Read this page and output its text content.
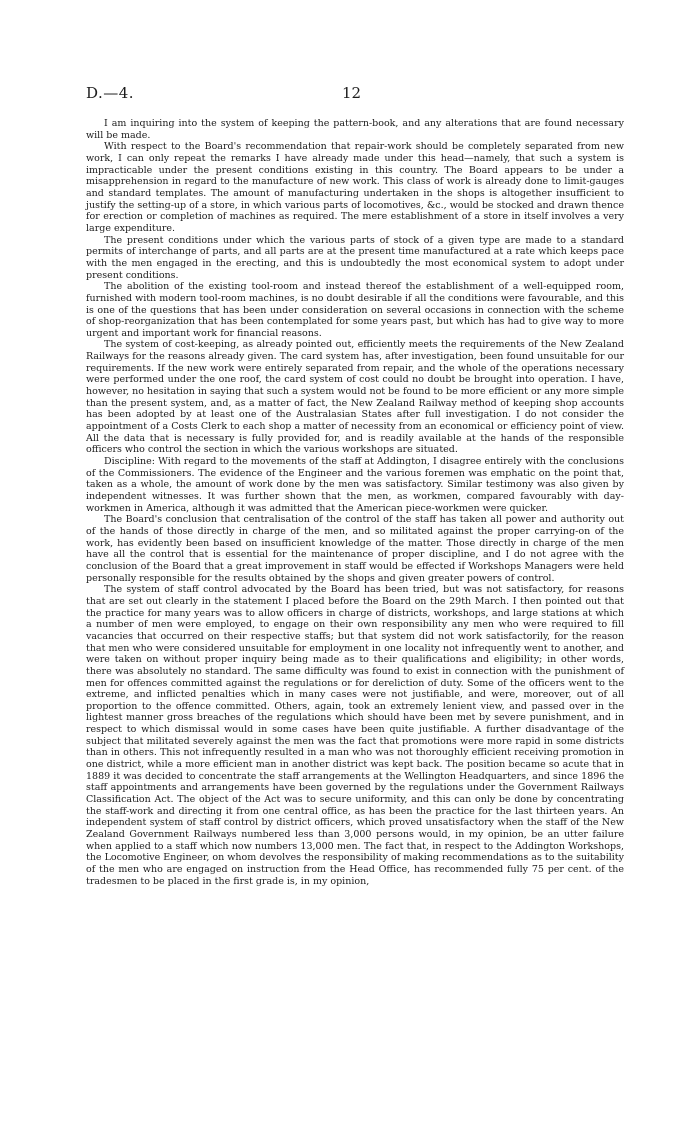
D.—4.	12

I am inquiring into the system of keeping the pattern-book, and any alterations that are found necessary will be made.

With respect to the Board's recommendation that repair-work should be completely separated from new work, I can only repeat the remarks I have already made under this head—namely, that such a system is impracticable under the present conditions existing in this country. The Board appears to be under a misapprehension in regard to the manufacture of new work. This class of work is already done to limit-gauges and standard templates. The amount of manufacturing undertaken in the shops is altogether insufficient to justify the setting-up of a store, in which various parts of locomotives, &c., would be stocked and drawn thence for erection or completion of machines as required. The mere establishment of a store in itself involves a very large expenditure.

The present conditions under which the various parts of stock of a given type are made to a standard permits of interchange of parts, and all parts are at the present time manufactured at a rate which keeps pace with the men engaged in the erecting, and this is undoubtedly the most economical system to adopt under present conditions.

The abolition of the existing tool-room and instead thereof the establishment of a well-equipped room, furnished with modern tool-room machines, is no doubt desirable if all the conditions were favourable, and this is one of the questions that has been under consideration on several occasions in connection with the scheme of shop-reorganization that has been contemplated for some years past, but which has had to give way to more urgent and important work for financial reasons.

The system of cost-keeping, as already pointed out, efficiently meets the requirements of the New Zealand Railways for the reasons already given. The card system has, after investigation, been found unsuitable for our requirements. If the new work were entirely separated from repair, and the whole of the operations necessary were performed under the one roof, the card system of cost could no doubt be brought into operation. I have, however, no hesitation in saying that such a system would not be found to be more efficient or any more simple than the present system, and, as a matter of fact, the New Zealand Railway method of keeping shop accounts has been adopted by at least one of the Australasian States after full investigation. I do not consider the appointment of a Costs Clerk to each shop a matter of necessity from an economical or efficiency point of view. All the data that is necessary is fully provided for, and is readily available at the hands of the responsible officers who control the section in which the various workshops are situated.

Discipline: With regard to the movements of the staff at Addington, I disagree entirely with the conclusions of the Commissioners. The evidence of the Engineer and the various foremen was emphatic on the point that, taken as a whole, the amount of work done by the men was satisfactory. Similar testimony was also given by independent witnesses. It was further shown that the men, as workmen, compared favourably with day-workmen in America, although it was admitted that the American piece-workmen were quicker.

The Board's conclusion that centralisation of the control of the staff has taken all power and authority out of the hands of those directly in charge of the men, and so militated against the proper carrying-on of the work, has evidently been based on insufficient knowledge of the matter. Those directly in charge of the men have all the control that is essential for the maintenance of proper discipline, and I do not agree with the conclusion of the Board that a great improvement in staff would be effected if Workshops Managers were held personally responsible for the results obtained by the shops and given greater powers of control.

The system of staff control advocated by the Board has been tried, but was not satisfactory, for reasons that are set out clearly in the statement I placed before the Board on the 29th March. I then pointed out that the practice for many years was to allow officers in charge of districts, workshops, and large stations at which a number of men were employed, to engage on their own responsibility any men who were required to fill vacancies that occurred on their respective staffs; but that system did not work satisfactorily, for the reason that men who were considered unsuitable for employment in one locality not infrequently went to another, and were taken on without proper inquiry being made as to their qualifications and eligibility; in other words, there was absolutely no standard. The same difficulty was found to exist in connection with the punishment of men for offences committed against the regulations or for dereliction of duty. Some of the officers went to the extreme, and inflicted penalties which in many cases were not justifiable, and were, moreover, out of all proportion to the offence committed. Others, again, took an extremely lenient view, and passed over in the lightest manner gross breaches of the regulations which should have been met by severe punishment, and in respect to which dismissal would in some cases have been quite justifiable. A further disadvantage of the subject that militated severely against the men was the fact that promotions were more rapid in some districts than in others. This not infrequently resulted in a man who was not thoroughly efficient receiving promotion in one district, while a more efficient man in another district was kept back. The position became so acute that in 1889 it was decided to concentrate the staff arrangements at the Wellington Headquarters, and since 1896 the staff appointments and arrangements have been governed by the regulations under the Government Railways Classification Act. The object of the Act was to secure uniformity, and this can only be done by concentrating the staff-work and directing it from one central office, as has been the practice for the last thirteen years. An independent system of staff control by district officers, which proved unsatisfactory when the staff of the New Zealand Government Railways numbered less than 3,000 persons would, in my opinion, be an utter failure when applied to a staff which now numbers 13,000 men. The fact that, in respect to the Addington Workshops, the Locomotive Engineer, on whom devolves the responsibility of making recommendations as to the suitability of the men who are engaged on instruction from the Head Office, has recommended fully 75 per cent. of the tradesmen to be placed in the first grade is, in my opinion,
